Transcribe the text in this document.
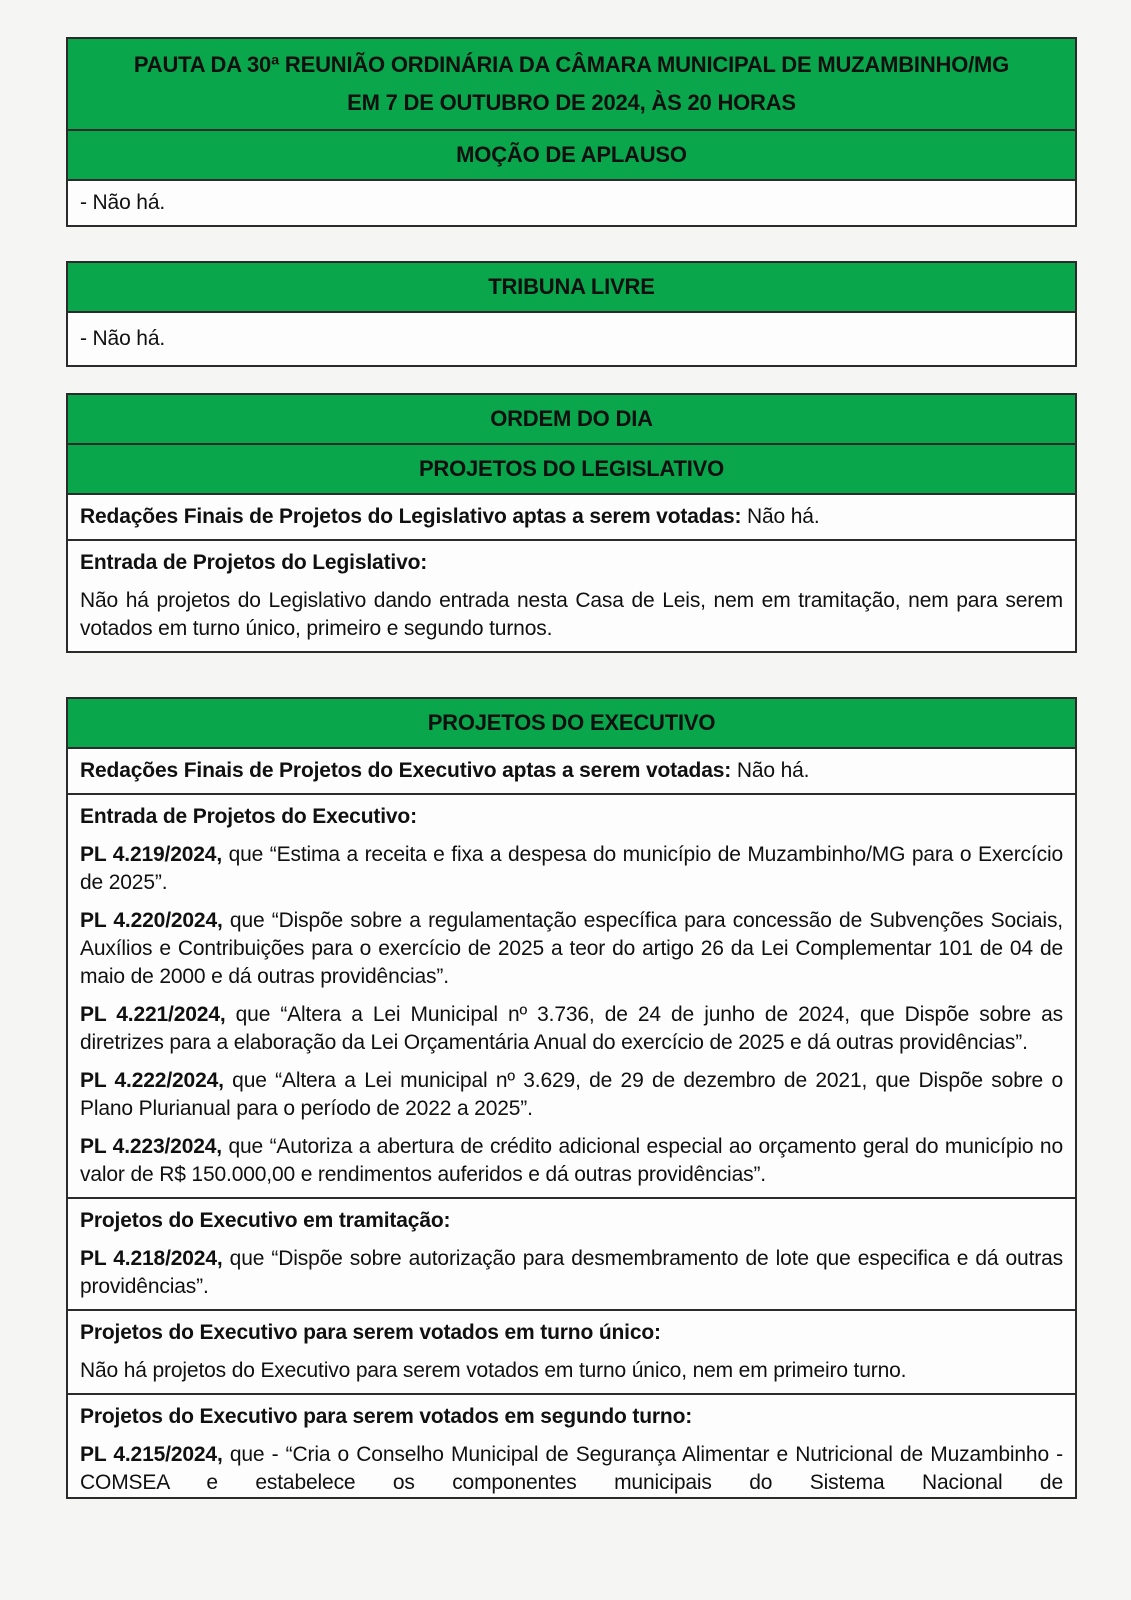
PAUTA DA 30ª REUNIÃO ORDINÁRIA DA CÂMARA MUNICIPAL DE MUZAMBINHO/MG
EM 7 DE OUTUBRO DE 2024, ÀS 20 HORAS
MOÇÃO DE APLAUSO

- Não há.

TRIBUNA LIVRE

- Não há.

ORDEM DO DIA
PROJETOS DO LEGISLATIVO

Redações Finais de Projetos do Legislativo aptas a serem votadas: Não há.

Entrada de Projetos do Legislativo:

Não há projetos do Legislativo dando entrada nesta Casa de Leis, nem em tramitação, nem para serem votados em turno único, primeiro e segundo turnos.

PROJETOS DO EXECUTIVO

Redações Finais de Projetos do Executivo aptas a serem votadas: Não há.

Entrada de Projetos do Executivo:

PL 4.219/2024, que “Estima a receita e fixa a despesa do município de Muzambinho/MG para o Exercício de 2025”.

PL 4.220/2024, que “Dispõe sobre a regulamentação específica para concessão de Subvenções Sociais, Auxílios e Contribuições para o exercício de 2025 a teor do artigo 26 da Lei Complementar 101 de 04 de maio de 2000 e dá outras providências”.

PL 4.221/2024, que “Altera a Lei Municipal nº 3.736, de 24 de junho de 2024, que Dispõe sobre as diretrizes para a elaboração da Lei Orçamentária Anual do exercício de 2025 e dá outras providências”.

PL 4.222/2024, que “Altera a Lei municipal nº 3.629, de 29 de dezembro de 2021, que Dispõe sobre o Plano Plurianual para o período de 2022 a 2025”.

PL 4.223/2024, que “Autoriza a abertura de crédito adicional especial ao orçamento geral do município no valor de R$ 150.000,00 e rendimentos auferidos e dá outras providências”.

Projetos do Executivo em tramitação:

PL 4.218/2024, que “Dispõe sobre autorização para desmembramento de lote que especifica e dá outras providências”.

Projetos do Executivo para serem votados em turno único:

Não há projetos do Executivo para serem votados em turno único, nem em primeiro turno.

Projetos do Executivo para serem votados em segundo turno:

PL 4.215/2024, que - “Cria o Conselho Municipal de Segurança Alimentar e Nutricional de Muzambinho - COMSEA e estabelece os componentes municipais do Sistema Nacional de
